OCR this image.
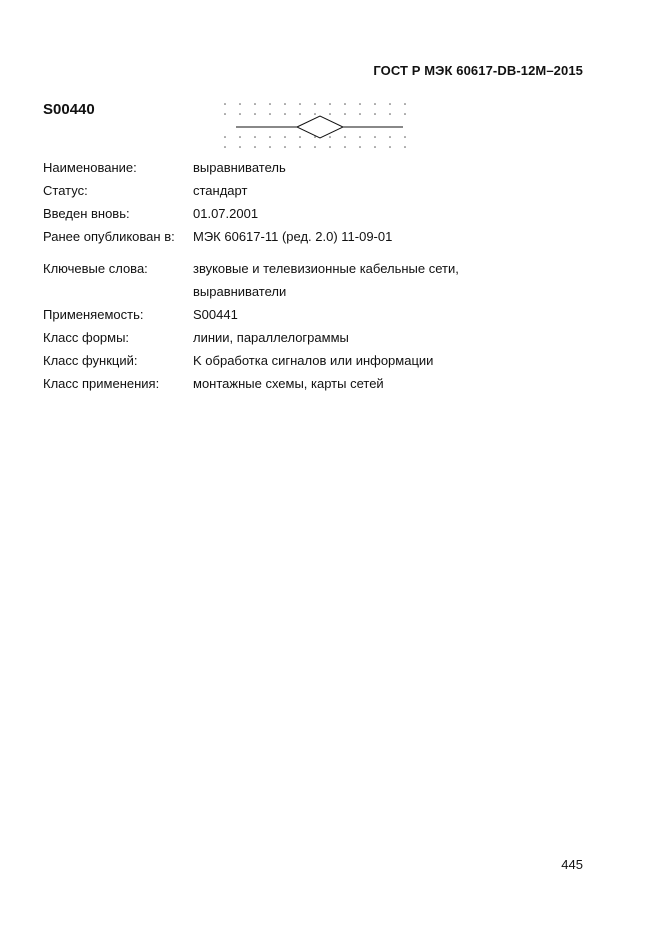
ГОСТ Р МЭК 60617-DB-12M–2015
S00440
Наименование:	выравниватель
Статус:	стандарт
Введен вновь:	01.07.2001
Ранее опубликован в:	МЭК 60617-11 (ред. 2.0) 11-09-01
Ключевые слова:	звуковые и телевизионные кабельные сети,
выравниватели
Применяемость:	S00441
Класс формы:	линии, параллелограммы
Класс функций:	K обработка сигналов или информации
Класс применения:	монтажные схемы, карты сетей
445
